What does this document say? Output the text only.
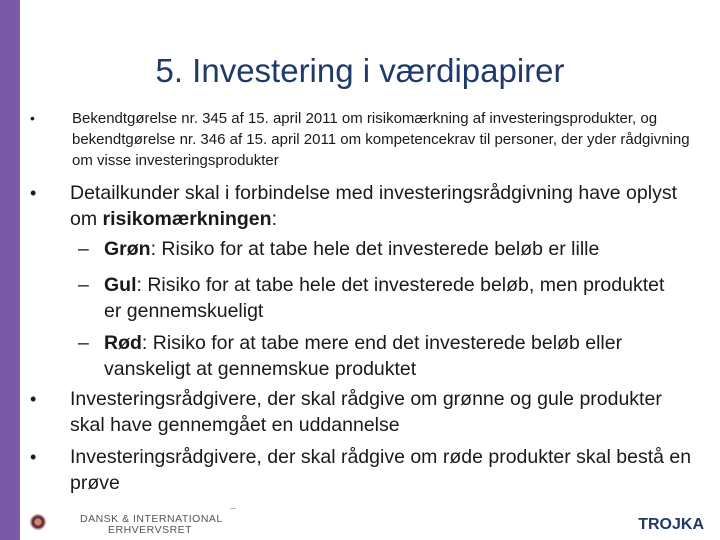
5. Investering i værdipapirer
• Bekendtgørelse nr. 345 af 15. april 2011 om risikomærkning af investeringsprodukter, og bekendtgørelse nr. 346 af 15. april 2011 om kompetencekrav til personer, der yder rådgivning om visse investeringsprodukter
• Detailkunder skal i forbindelse med investeringsrådgivning have oplyst om risikomærkningen:
– Grøn: Risiko for at tabe hele det investerede beløb er lille
– Gul: Risiko for at tabe hele det investerede beløb, men produktet er gennemskueligt
– Rød: Risiko for at tabe mere end det investerede beløb eller vanskeligt at gennemskue produktet
• Investeringsrådgivere, der skal rådgive om grønne og gule produkter skal have gennemgået en uddannelse
• Investeringsrådgivere, der skal rådgive om røde produkter skal bestå en prøve
DANSK & INTERNATIONAL
ERHVERVSRET	TROJKA
